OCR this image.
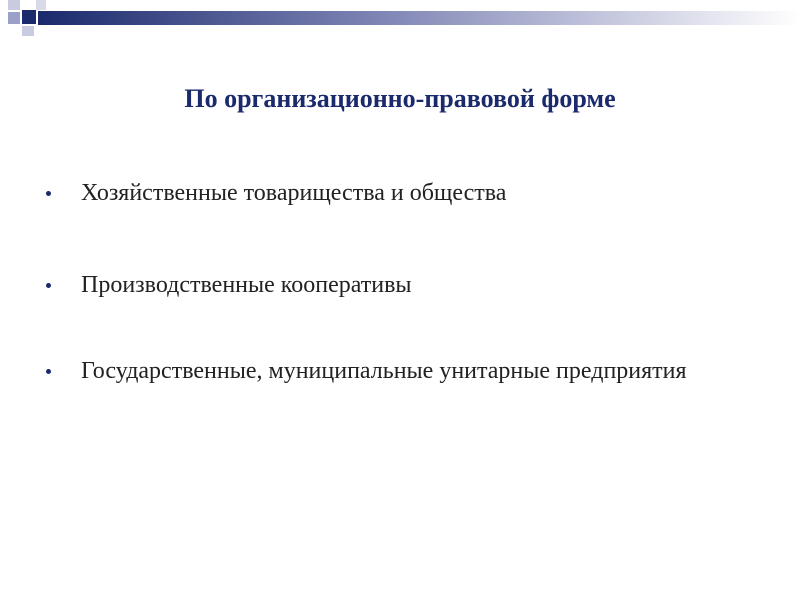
По организационно-правовой форме
Хозяйственные товарищества и общества
Производственные кооперативы
Государственные, муниципальные унитарные предприятия
